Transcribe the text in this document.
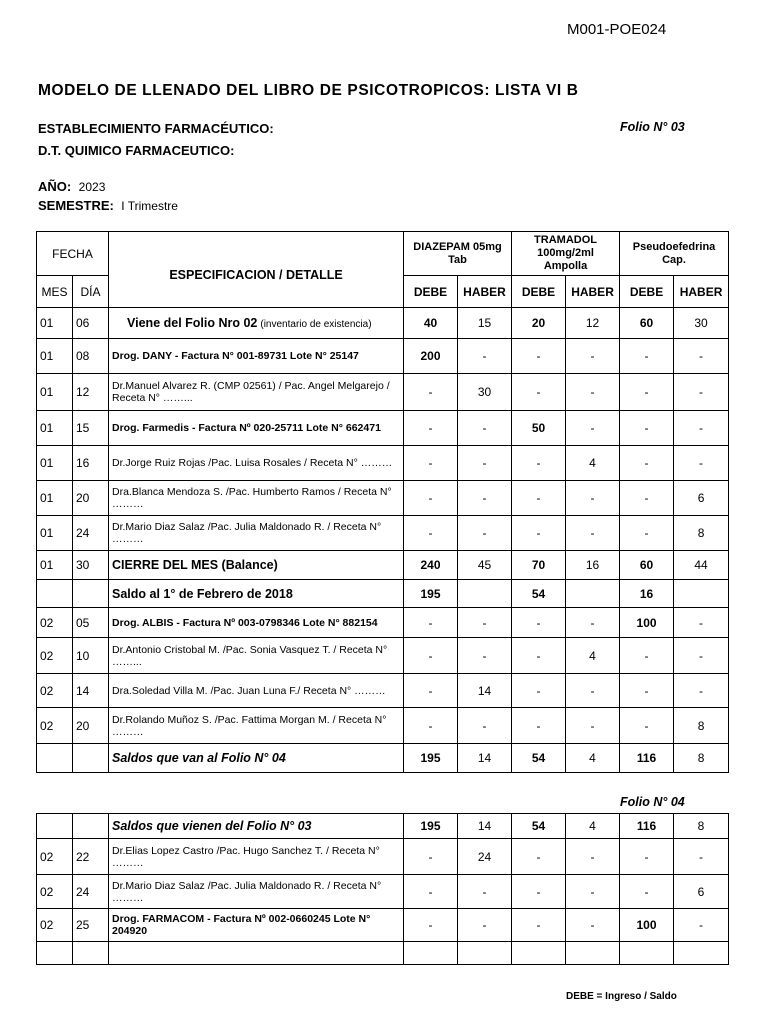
M001-POE024
MODELO DE LLENADO DEL LIBRO DE PSICOTROPICOS: LISTA VI B
ESTABLECIMIENTO FARMACÉUTICO:	Folio N° 03
D.T. QUIMICO FARMACEUTICO:
AÑO: 2023
SEMESTRE: I Trimestre
FECHA		ESPECIFICACION / DETALLE	DIAZEPAM 05mg Tab		TRAMADOL 100mg/2ml Ampolla		Pseudoefedrina Cap.	
MES	DÍA		DEBE	HABER	DEBE	HABER	DEBE	HABER
01	06	Viene del Folio Nro 02 (inventario de existencia)	40	15	20	12	60	30
01	08	Drog. DANY - Factura N° 001-89731 Lote N° 25147	200	-	-	-	-	-
01	12	Dr.Manuel Alvarez R. (CMP 02561) / Pac. Angel Melgarejo / Receta N° ……...	-	30	-	-	-	-
01	15	Drog. Farmedis - Factura Nº 020-25711 Lote N° 662471	-	-	50	-	-	-
01	16	Dr.Jorge Ruiz Rojas /Pac. Luisa Rosales / Receta N° ………	-	-	-	4	-	-
01	20	Dra.Blanca Mendoza S. /Pac. Humberto Ramos / Receta N° ………	-	-	-	-	-	6
01	24	Dr.Mario Diaz Salaz /Pac. Julia Maldonado R. / Receta N° ………	-	-	-	-	-	8
01	30	CIERRE DEL MES (Balance)	240	45	70	16	60	44
		Saldo al 1° de Febrero de 2018	195		54		16	
02	05	Drog. ALBIS - Factura Nº 003-0798346 Lote N° 882154	-	-	-	-	100	-
02	10	Dr.Antonio Cristobal M. /Pac. Sonia Vasquez T. / Receta N° ……...	-	-	-	4	-	-
02	14	Dra.Soledad Villa M. /Pac. Juan Luna F./ Receta N° ………	-	14	-	-	-	-
02	20	Dr.Rolando Muñoz S. /Pac. Fattima Morgan M. / Receta N° ………	-	-	-	-	-	8
		Saldos que van al Folio N° 04	195	14	54	4	116	8
Folio N° 04
		Saldos que vienen del Folio N° 03	195	14	54	4	116	8
02	22	Dr.Elias Lopez Castro /Pac. Hugo Sanchez T. / Receta N° ………	-	24	-	-	-	-
02	24	Dr.Mario Diaz Salaz /Pac. Julia Maldonado R. / Receta N° ………	-	-	-	-	-	6
02	25	Drog. FARMACOM - Factura Nº 002-0660245 Lote N° 204920	-	-	-	-	100	-

DEBE = Ingreso / Saldo
